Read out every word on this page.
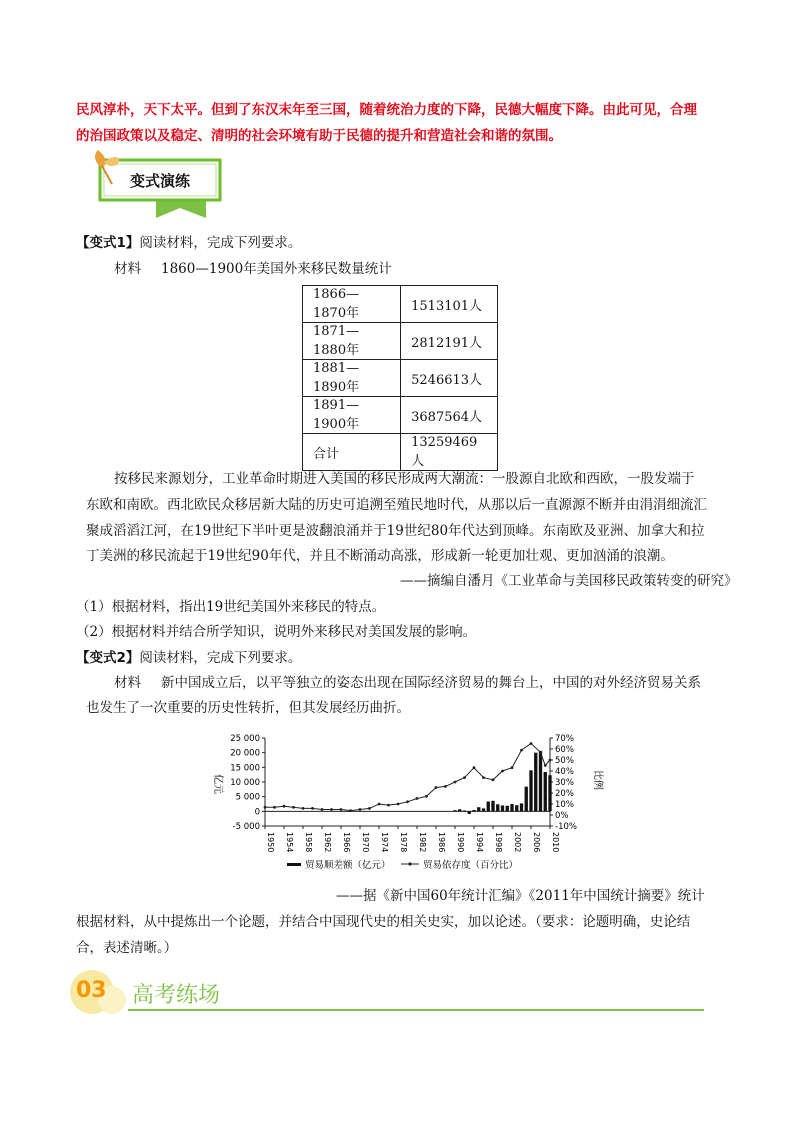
民风淳朴，天下太平。但到了东汉末年至三国，随着统治力度的下降，民德大幅度下降。由此可见，合理
的治国政策以及稳定、清明的社会环境有助于民德的提升和营造社会和谐的氛围。
变式演练
【变式1】阅读材料，完成下列要求。
材料 1860—1900年美国外来移民数量统计
1866—1870年	1513101人
1871—1880年	2812191人
1881—1890年	5246613人
1891—1900年	3687564人
合计	13259469人
按移民来源划分，工业革命时期进入美国的移民形成两大潮流：一股源自北欧和西欧，一股发端于
东欧和南欧。西北欧民众移居新大陆的历史可追溯至殖民地时代，从那以后一直源源不断并由涓涓细流汇
聚成滔滔江河，在19世纪下半叶更是波翻浪涌并于19世纪80年代达到顶峰。东南欧及亚洲、加拿大和拉
丁美洲的移民流起于19世纪90年代，并且不断涌动高涨，形成新一轮更加壮观、更加汹涌的浪潮。
——摘编自潘月《工业革命与美国移民政策转变的研究》
（1）根据材料，指出19世纪美国外来移民的特点。
（2）根据材料并结合所学知识，说明外来移民对美国发展的影响。
【变式2】阅读材料，完成下列要求。
材料 新中国成立后，以平等独立的姿态出现在国际经济贸易的舞台上，中国的对外经济贸易关系
也发生了一次重要的历史性转折，但其发展经历曲折。
25 000
20 000
15 000
10 000
5 000
0
-5 000
70%
60%
50%
40%
30%
20%
10%
0%
-10%
亿元	比例
1950 1954 1958 1962 1966 1970 1974 1978 1982 1986 1990 1994 1998 2002 2006 2010
贸易顺差额（亿元）	贸易依存度（百分比）
——据《新中国60年统计汇编》《2011年中国统计摘要》统计
根据材料，从中提炼出一个论题，并结合中国现代史的相关史实，加以论述。（要求：论题明确，史论结
合，表述清晰。）
03 高考练场
